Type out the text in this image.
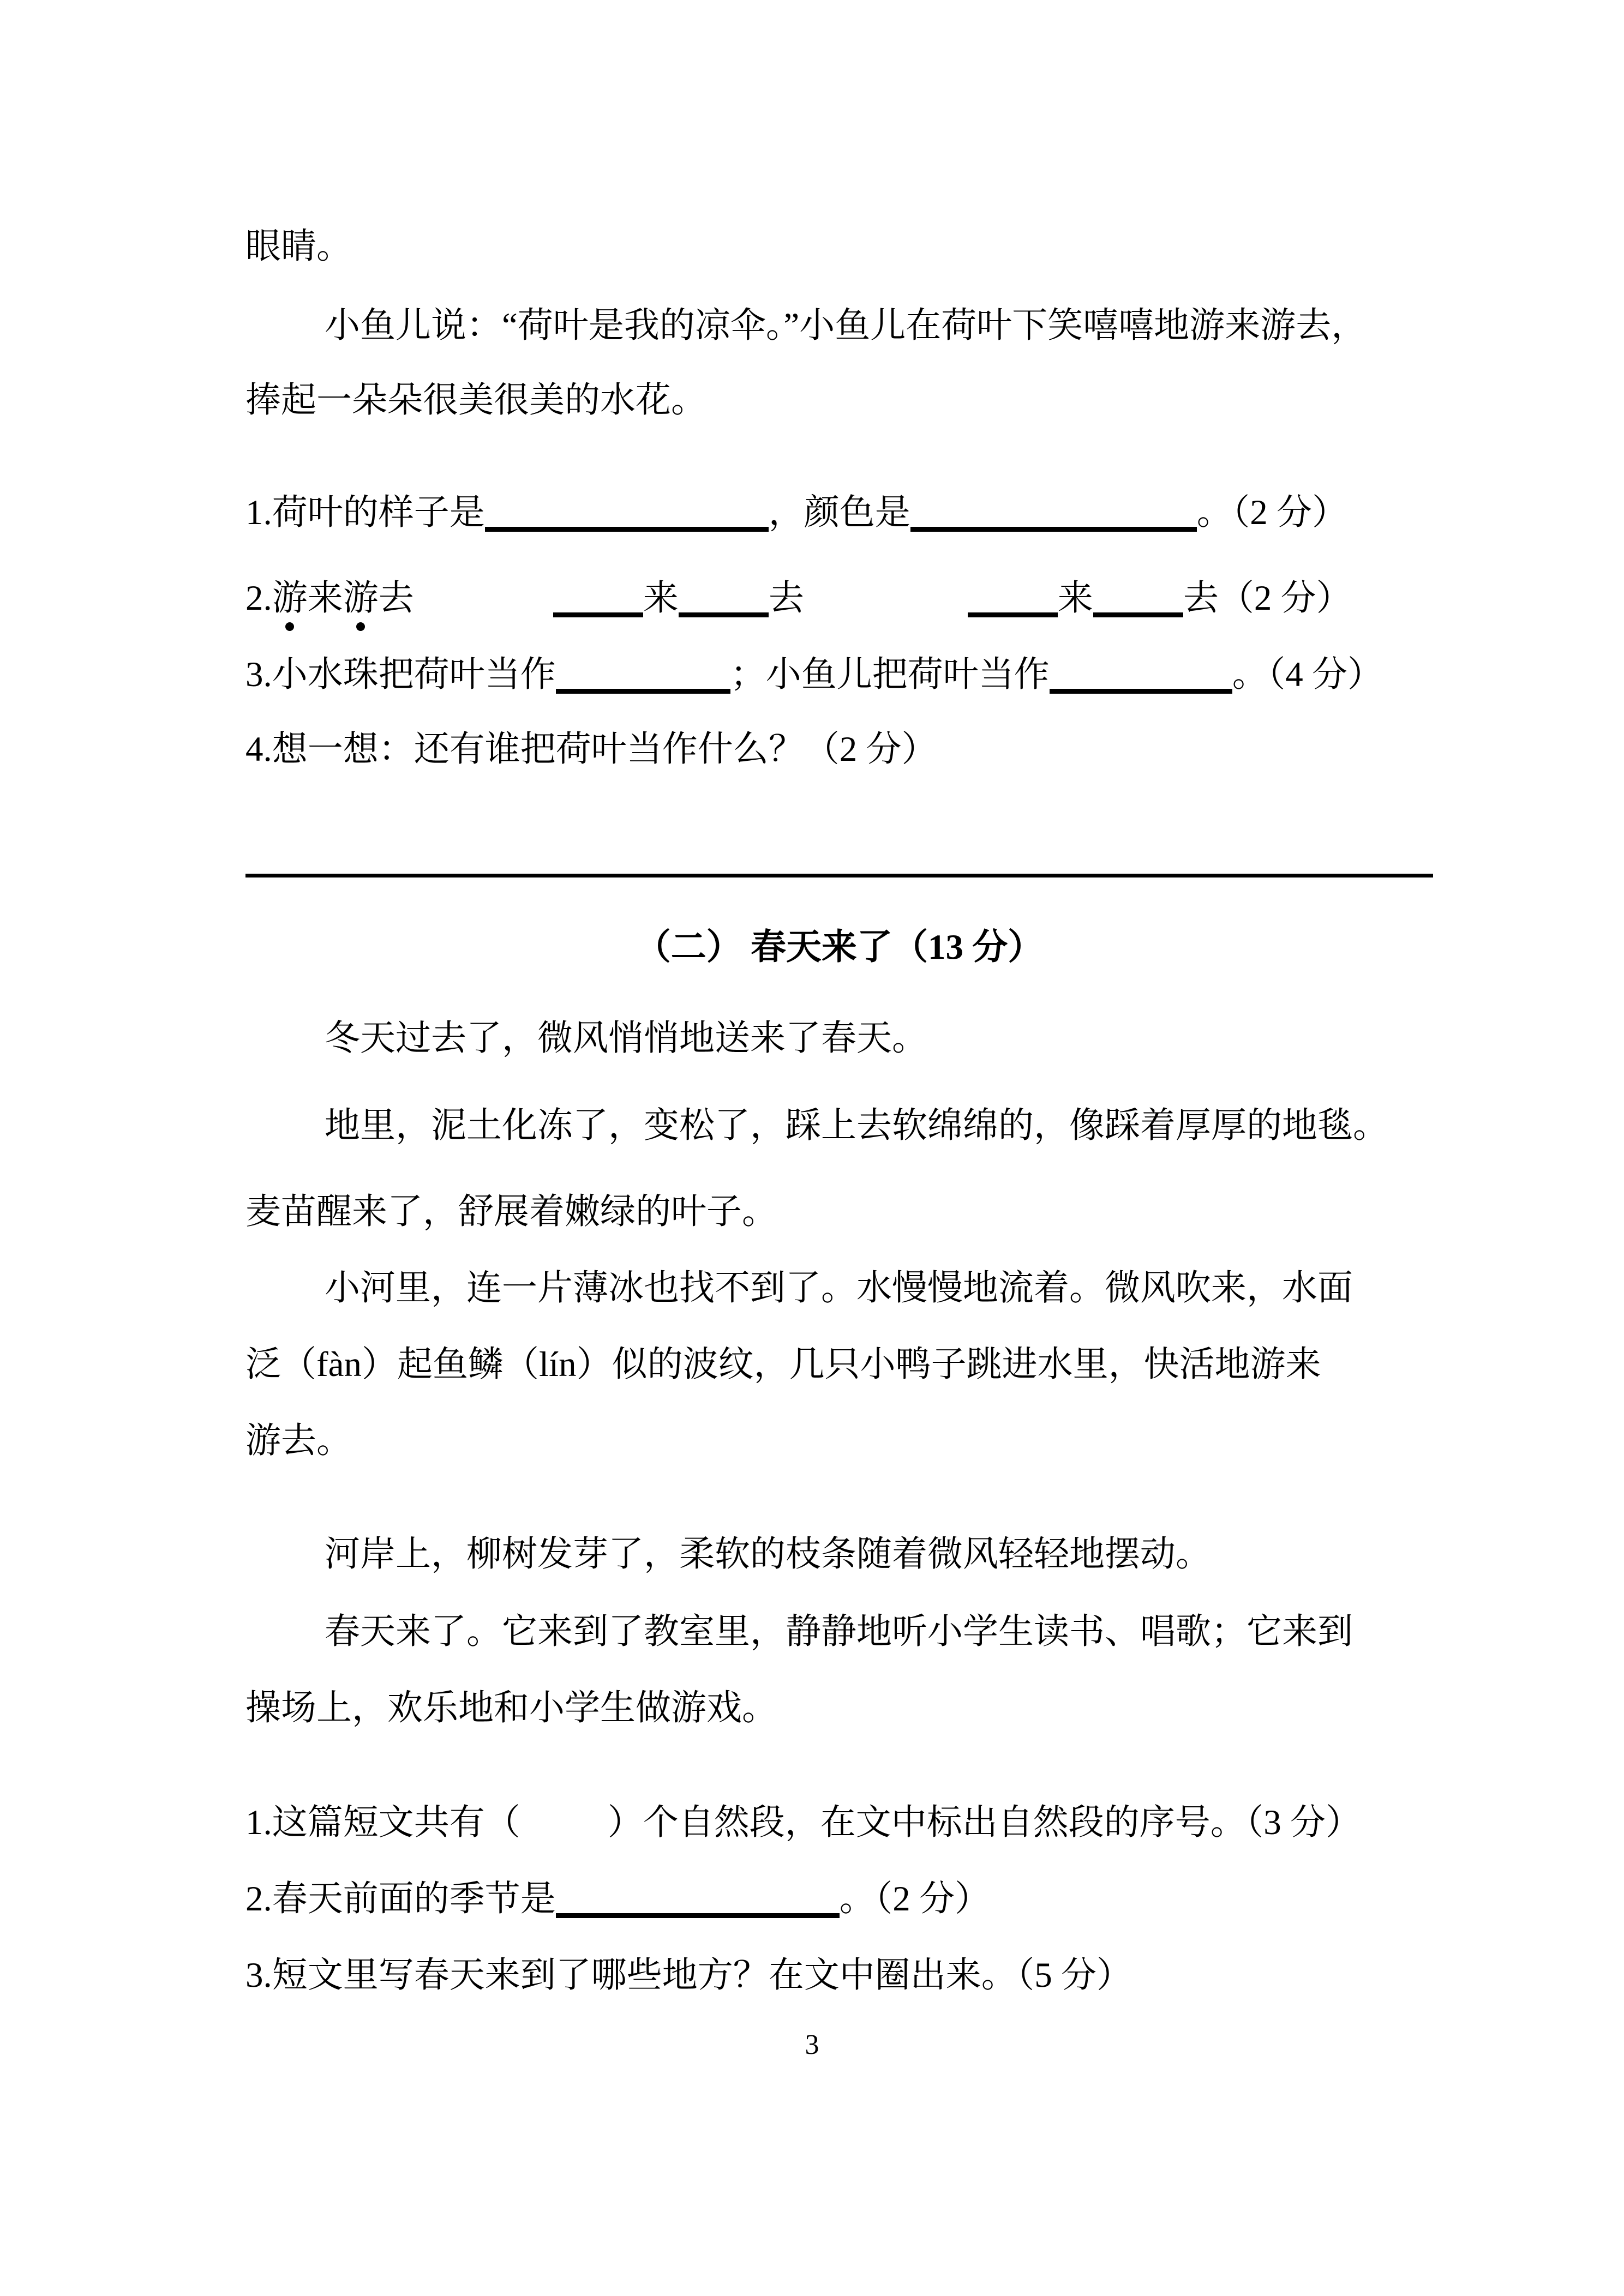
眼睛。
小鱼儿说：“荷叶是我的凉伞。”小鱼儿在荷叶下笑嘻嘻地游来游去，
捧起一朵朵很美很美的水花。
1.荷叶的样子是	，颜色是	。（2 分）
2.游来游去	来	去	来	去（2 分）
3.小水珠把荷叶当作	；小鱼儿把荷叶当作	。（4 分）
4.想一想：还有谁把荷叶当作什么？（2 分）
（二） 春天来了（13 分）
冬天过去了，微风悄悄地送来了春天。
地里，泥土化冻了，变松了，踩上去软绵绵的，像踩着厚厚的地毯。
麦苗醒来了，舒展着嫩绿的叶子。
小河里，连一片薄冰也找不到了。水慢慢地流着。微风吹来，水面
泛（fàn）起鱼鳞（lín）似的波纹，几只小鸭子跳进水里，快活地游来
游去。
河岸上，柳树发芽了，柔软的枝条随着微风轻轻地摆动。
春天来了。它来到了教室里，静静地听小学生读书、唱歌；它来到
操场上，欢乐地和小学生做游戏。
1.这篇短文共有（ ）个自然段，在文中标出自然段的序号。（3 分）
2.春天前面的季节是	。（2 分）
3.短文里写春天来到了哪些地方？在文中圈出来。（5 分）
3
